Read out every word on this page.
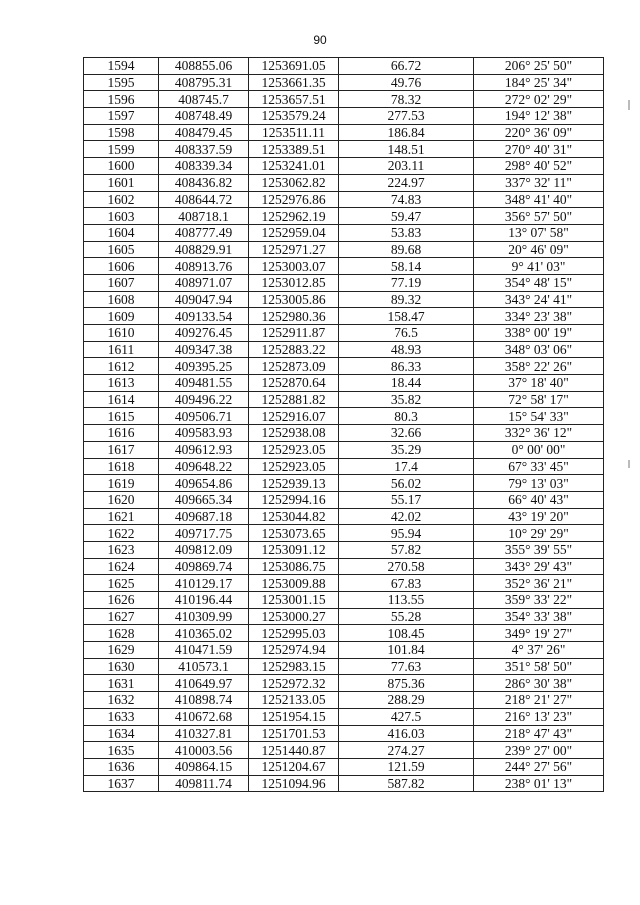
90
1594	408855.06	1253691.05	66.72	206° 25' 50"
1595	408795.31	1253661.35	49.76	184° 25' 34"
1596	408745.7	1253657.51	78.32	272° 02' 29"
1597	408748.49	1253579.24	277.53	194° 12' 38"
1598	408479.45	1253511.11	186.84	220° 36' 09"
1599	408337.59	1253389.51	148.51	270° 40' 31"
1600	408339.34	1253241.01	203.11	298° 40' 52"
1601	408436.82	1253062.82	224.97	337° 32' 11"
1602	408644.72	1252976.86	74.83	348° 41' 40"
1603	408718.1	1252962.19	59.47	356° 57' 50"
1604	408777.49	1252959.04	53.83	13° 07' 58"
1605	408829.91	1252971.27	89.68	20° 46' 09"
1606	408913.76	1253003.07	58.14	9° 41' 03"
1607	408971.07	1253012.85	77.19	354° 48' 15"
1608	409047.94	1253005.86	89.32	343° 24' 41"
1609	409133.54	1252980.36	158.47	334° 23' 38"
1610	409276.45	1252911.87	76.5	338° 00' 19"
1611	409347.38	1252883.22	48.93	348° 03' 06"
1612	409395.25	1252873.09	86.33	358° 22' 26"
1613	409481.55	1252870.64	18.44	37° 18' 40"
1614	409496.22	1252881.82	35.82	72° 58' 17"
1615	409506.71	1252916.07	80.3	15° 54' 33"
1616	409583.93	1252938.08	32.66	332° 36' 12"
1617	409612.93	1252923.05	35.29	0° 00' 00"
1618	409648.22	1252923.05	17.4	67° 33' 45"
1619	409654.86	1252939.13	56.02	79° 13' 03"
1620	409665.34	1252994.16	55.17	66° 40' 43"
1621	409687.18	1253044.82	42.02	43° 19' 20"
1622	409717.75	1253073.65	95.94	10° 29' 29"
1623	409812.09	1253091.12	57.82	355° 39' 55"
1624	409869.74	1253086.75	270.58	343° 29' 43"
1625	410129.17	1253009.88	67.83	352° 36' 21"
1626	410196.44	1253001.15	113.55	359° 33' 22"
1627	410309.99	1253000.27	55.28	354° 33' 38"
1628	410365.02	1252995.03	108.45	349° 19' 27"
1629	410471.59	1252974.94	101.84	4° 37' 26"
1630	410573.1	1252983.15	77.63	351° 58' 50"
1631	410649.97	1252972.32	875.36	286° 30' 38"
1632	410898.74	1252133.05	288.29	218° 21' 27"
1633	410672.68	1251954.15	427.5	216° 13' 23"
1634	410327.81	1251701.53	416.03	218° 47' 43"
1635	410003.56	1251440.87	274.27	239° 27' 00"
1636	409864.15	1251204.67	121.59	244° 27' 56"
1637	409811.74	1251094.96	587.82	238° 01' 13"
